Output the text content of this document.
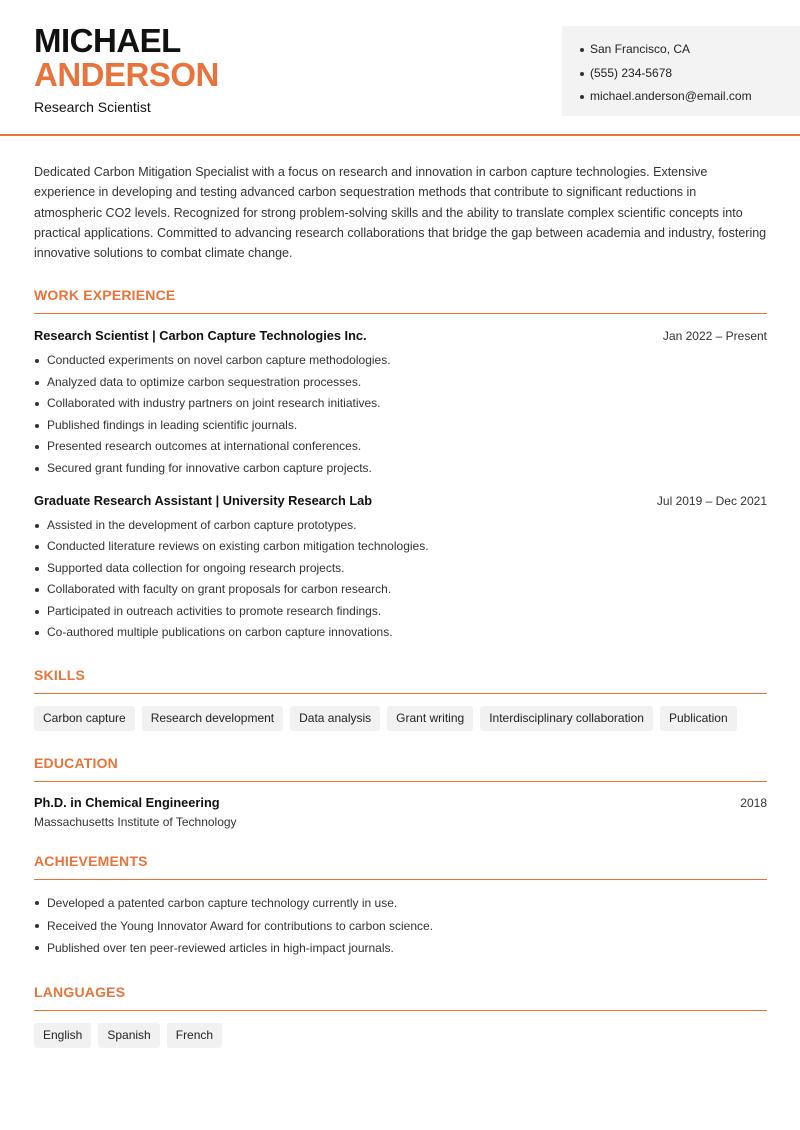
MICHAEL
ANDERSON
Research Scientist
San Francisco, CA
(555) 234-5678
michael.anderson@email.com

Dedicated Carbon Mitigation Specialist with a focus on research and innovation in carbon capture technologies. Extensive experience in developing and testing advanced carbon sequestration methods that contribute to significant reductions in atmospheric CO2 levels. Recognized for strong problem-solving skills and the ability to translate complex scientific concepts into practical applications. Committed to advancing research collaborations that bridge the gap between academia and industry, fostering innovative solutions to combat climate change.

WORK EXPERIENCE
Research Scientist | Carbon Capture Technologies Inc.	Jan 2022 – Present
Conducted experiments on novel carbon capture methodologies.
Analyzed data to optimize carbon sequestration processes.
Collaborated with industry partners on joint research initiatives.
Published findings in leading scientific journals.
Presented research outcomes at international conferences.
Secured grant funding for innovative carbon capture projects.
Graduate Research Assistant | University Research Lab	Jul 2019 – Dec 2021
Assisted in the development of carbon capture prototypes.
Conducted literature reviews on existing carbon mitigation technologies.
Supported data collection for ongoing research projects.
Collaborated with faculty on grant proposals for carbon research.
Participated in outreach activities to promote research findings.
Co-authored multiple publications on carbon capture innovations.
SKILLS
Carbon capture	Research development	Data analysis	Grant writing	Interdisciplinary collaboration	Publication
EDUCATION
Ph.D. in Chemical Engineering	2018
Massachusetts Institute of Technology
ACHIEVEMENTS
Developed a patented carbon capture technology currently in use.
Received the Young Innovator Award for contributions to carbon science.
Published over ten peer-reviewed articles in high-impact journals.
LANGUAGES
English	Spanish	French
